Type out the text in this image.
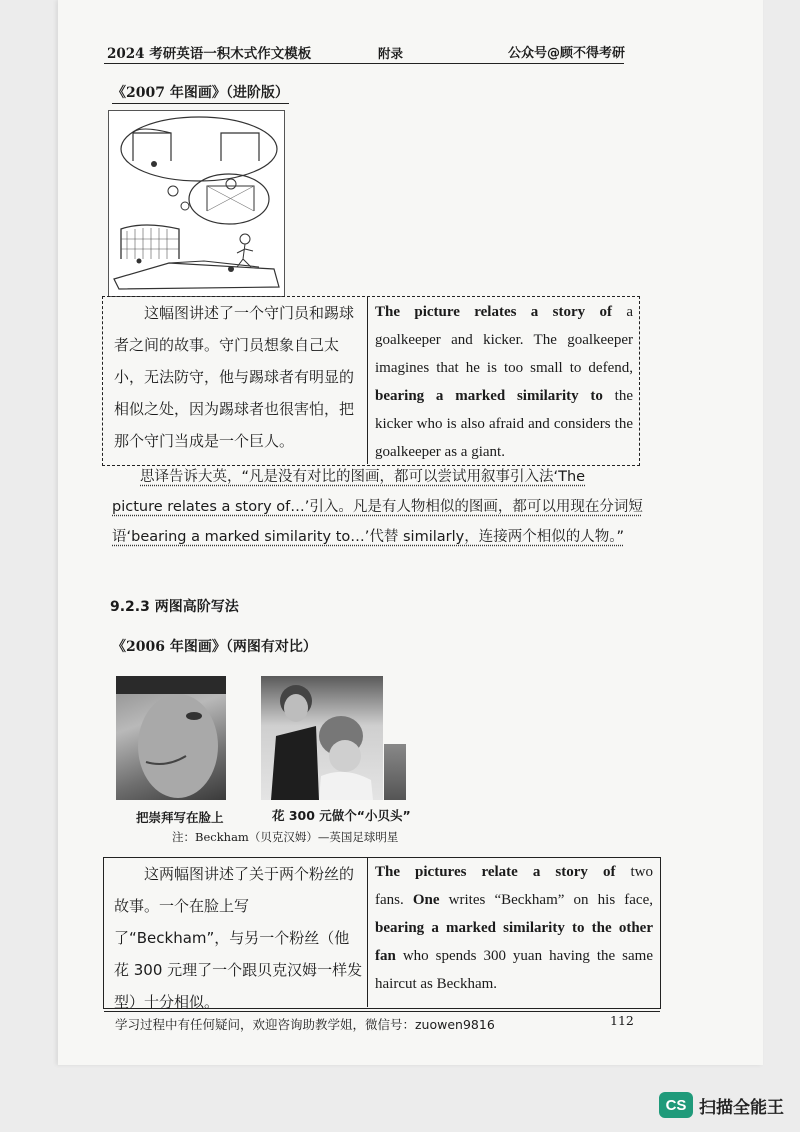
2024 考研英语一积木式作文模板	附录	公众号@顾不得考研
《2007 年图画》（进阶版）
这幅图讲述了一个守门员和踢球者之间的故事。守门员想象自己太小，无法防守，他与踢球者有明显的相似之处，因为踢球者也很害怕，把那个守门当成是一个巨人。
The picture relates a story of a
goalkeeper and kicker. The goalkeeper
imagines that he is too small to defend,
bearing a marked similarity to the
kicker who is also afraid and considers the
goalkeeper as a giant.
思译告诉大英，“凡是没有对比的图画，都可以尝试用叙事引入法‘The
picture relates a story of…’引入。凡是有人物相似的图画，都可以用现在分词短
语‘bearing a marked similarity to…’代替 similarly，连接两个相似的人物。”
9.2.3 两图高阶写法
《2006 年图画》（两图有对比）
把崇拜写在脸上	花 300 元做个“小贝头”
注：Beckham（贝克汉姆）—英国足球明星
这两幅图讲述了关于两个粉丝的故事。一个在脸上写了“Beckham”，与另一个粉丝（他花 300 元理了一个跟贝克汉姆一样发型）十分相似。
The pictures relate a story of two
fans. One writes “Beckham” on his face,
bearing a marked similarity to the other
fan who spends 300 yuan having the same
haircut as Beckham.
学习过程中有任何疑问，欢迎咨询助教学姐，微信号：zuowen9816	112
CS 扫描全能王
